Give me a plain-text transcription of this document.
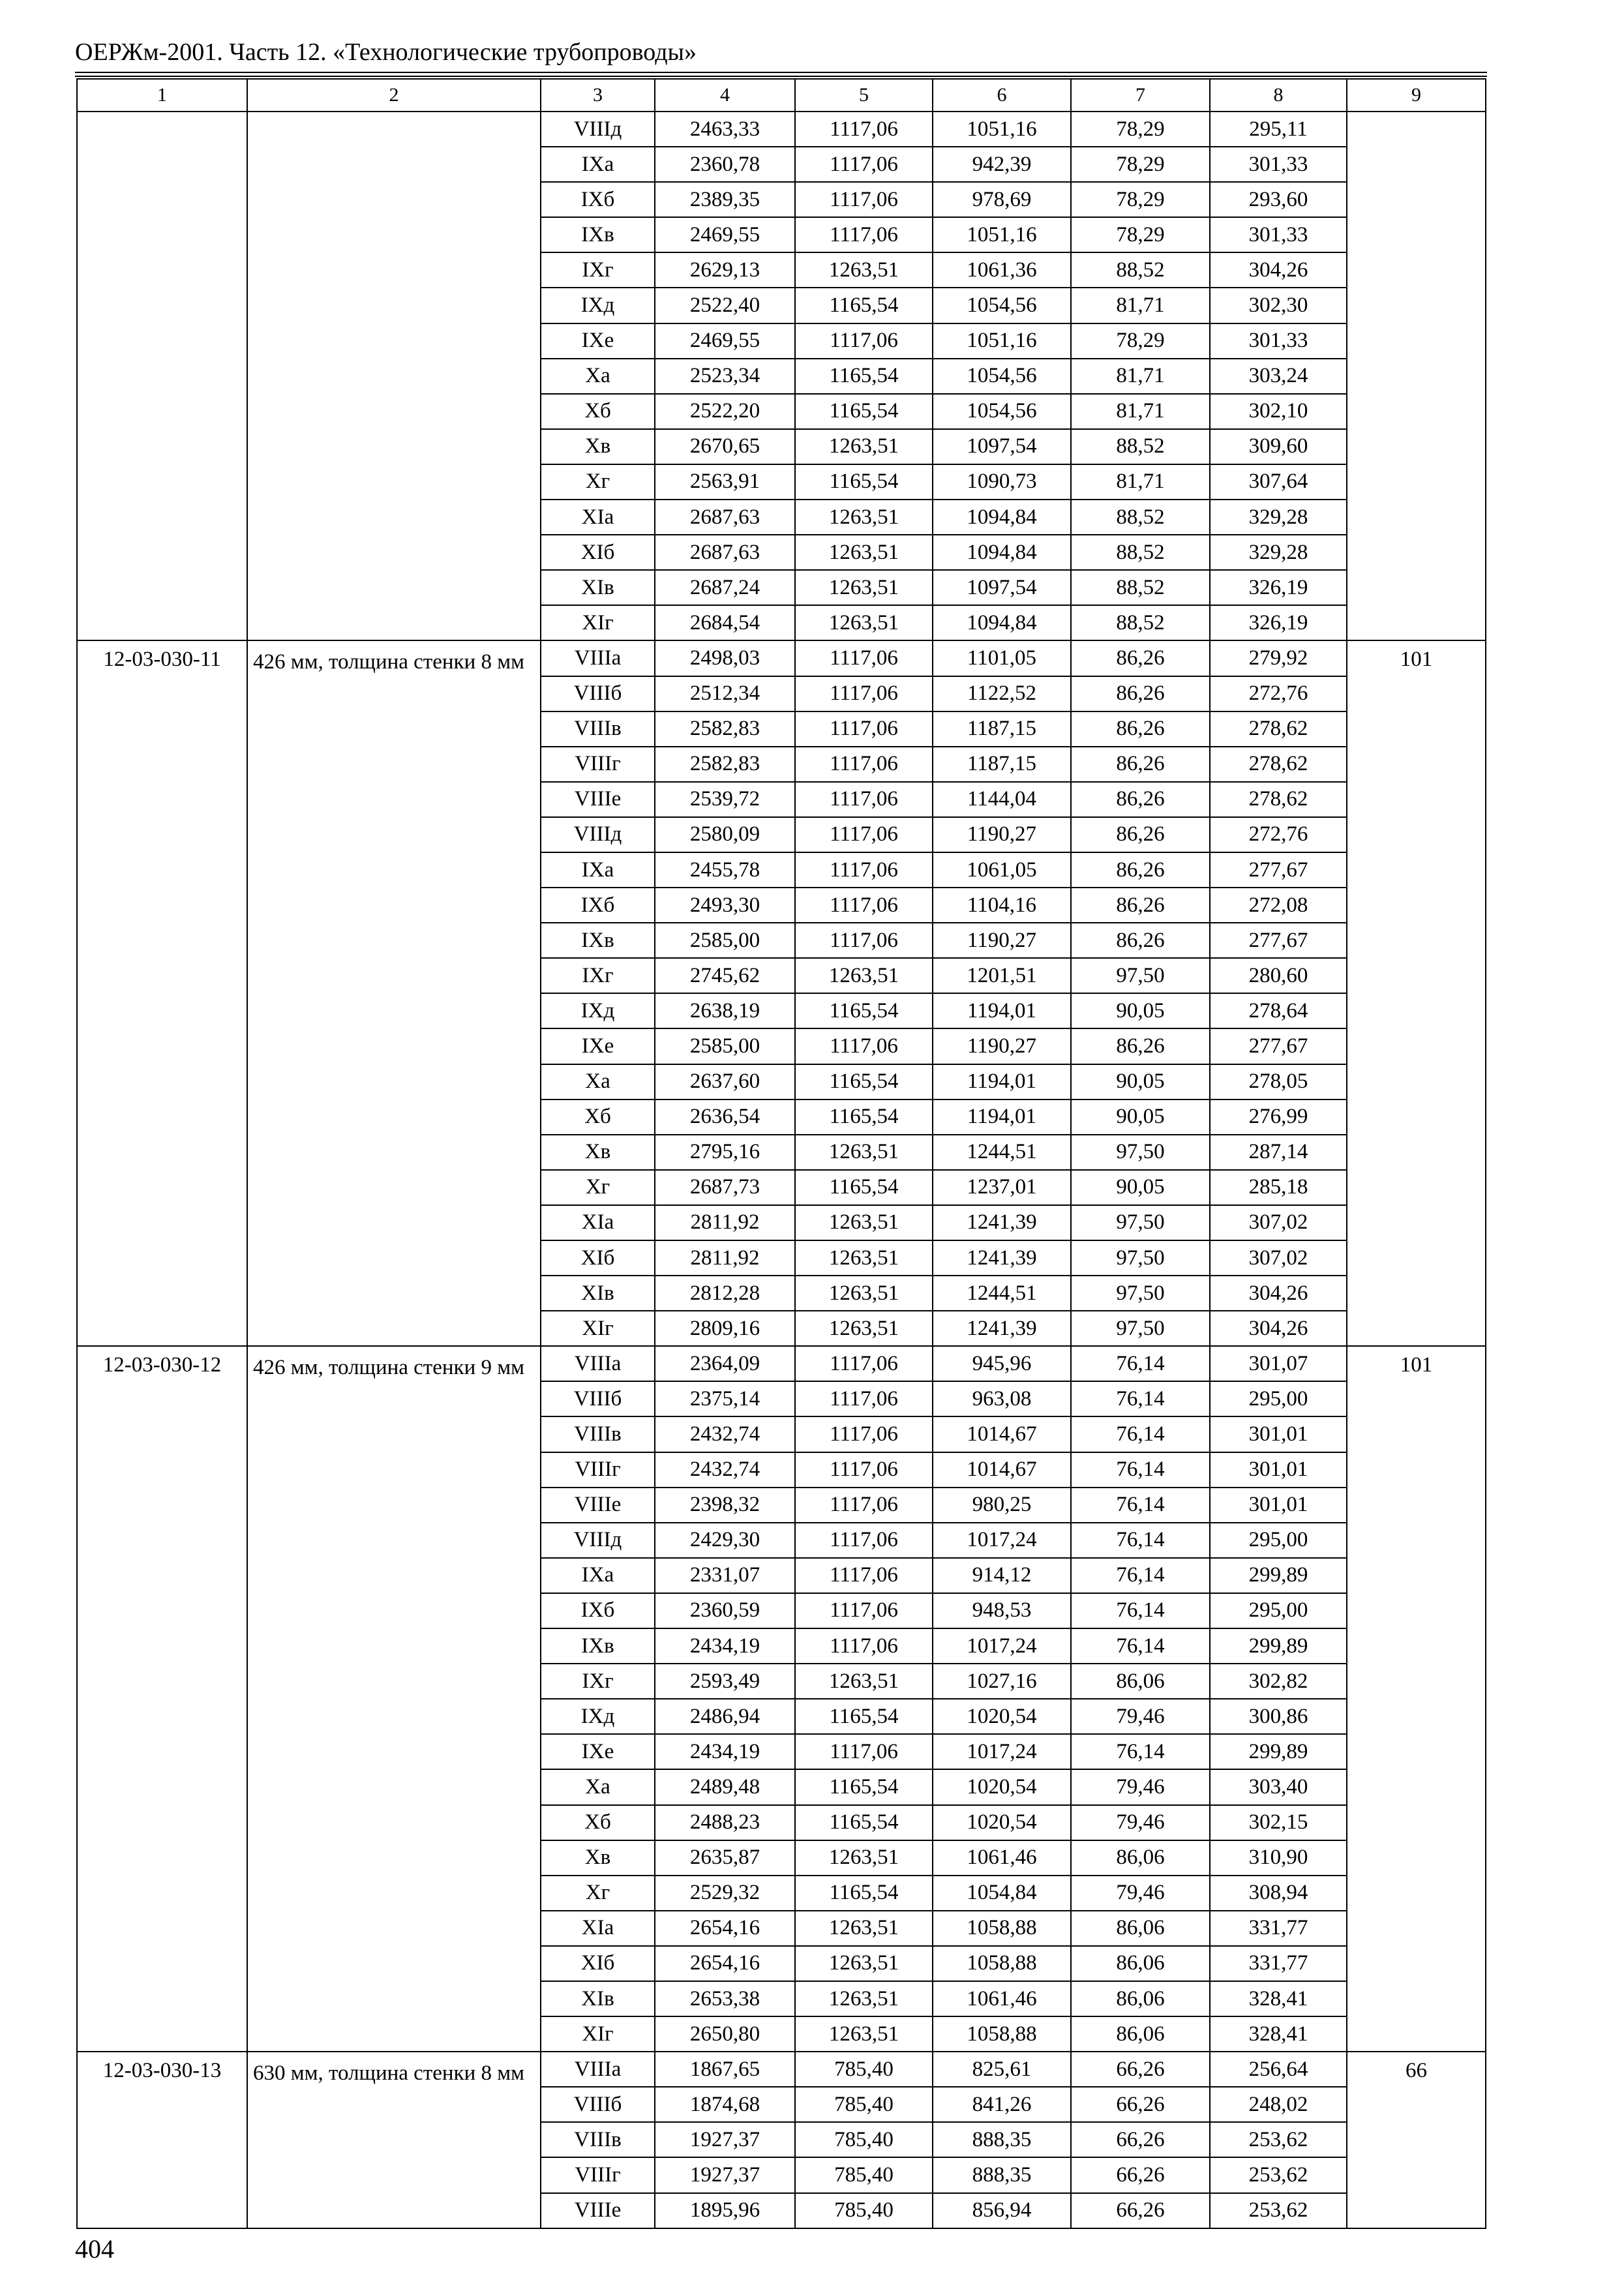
ОЕРЖм-2001. Часть 12. «Технологические трубопроводы»
1	2	3	4	5	6	7	8	9
		VIIIд	2463,33	1117,06	1051,16	78,29	295,11	
		IXа	2360,78	1117,06	942,39	78,29	301,33	
		IXб	2389,35	1117,06	978,69	78,29	293,60	
		IXв	2469,55	1117,06	1051,16	78,29	301,33	
		IXг	2629,13	1263,51	1061,36	88,52	304,26	
		IXд	2522,40	1165,54	1054,56	81,71	302,30	
		IXе	2469,55	1117,06	1051,16	78,29	301,33	
		Xа	2523,34	1165,54	1054,56	81,71	303,24	
		Xб	2522,20	1165,54	1054,56	81,71	302,10	
		Xв	2670,65	1263,51	1097,54	88,52	309,60	
		Xг	2563,91	1165,54	1090,73	81,71	307,64	
		XIа	2687,63	1263,51	1094,84	88,52	329,28	
		XIб	2687,63	1263,51	1094,84	88,52	329,28	
		XIв	2687,24	1263,51	1097,54	88,52	326,19	
		XIг	2684,54	1263,51	1094,84	88,52	326,19	
12-03-030-11	426 мм, толщина стенки 8 мм	VIIIа	2498,03	1117,06	1101,05	86,26	279,92	101
		VIIIб	2512,34	1117,06	1122,52	86,26	272,76	
		VIIIв	2582,83	1117,06	1187,15	86,26	278,62	
		VIIIг	2582,83	1117,06	1187,15	86,26	278,62	
		VIIIе	2539,72	1117,06	1144,04	86,26	278,62	
		VIIIд	2580,09	1117,06	1190,27	86,26	272,76	
		IXа	2455,78	1117,06	1061,05	86,26	277,67	
		IXб	2493,30	1117,06	1104,16	86,26	272,08	
		IXв	2585,00	1117,06	1190,27	86,26	277,67	
		IXг	2745,62	1263,51	1201,51	97,50	280,60	
		IXд	2638,19	1165,54	1194,01	90,05	278,64	
		IXе	2585,00	1117,06	1190,27	86,26	277,67	
		Xа	2637,60	1165,54	1194,01	90,05	278,05	
		Xб	2636,54	1165,54	1194,01	90,05	276,99	
		Xв	2795,16	1263,51	1244,51	97,50	287,14	
		Xг	2687,73	1165,54	1237,01	90,05	285,18	
		XIа	2811,92	1263,51	1241,39	97,50	307,02	
		XIб	2811,92	1263,51	1241,39	97,50	307,02	
		XIв	2812,28	1263,51	1244,51	97,50	304,26	
		XIг	2809,16	1263,51	1241,39	97,50	304,26	
12-03-030-12	426 мм, толщина стенки 9 мм	VIIIа	2364,09	1117,06	945,96	76,14	301,07	101
		VIIIб	2375,14	1117,06	963,08	76,14	295,00	
		VIIIв	2432,74	1117,06	1014,67	76,14	301,01	
		VIIIг	2432,74	1117,06	1014,67	76,14	301,01	
		VIIIе	2398,32	1117,06	980,25	76,14	301,01	
		VIIIд	2429,30	1117,06	1017,24	76,14	295,00	
		IXа	2331,07	1117,06	914,12	76,14	299,89	
		IXб	2360,59	1117,06	948,53	76,14	295,00	
		IXв	2434,19	1117,06	1017,24	76,14	299,89	
		IXг	2593,49	1263,51	1027,16	86,06	302,82	
		IXд	2486,94	1165,54	1020,54	79,46	300,86	
		IXе	2434,19	1117,06	1017,24	76,14	299,89	
		Xа	2489,48	1165,54	1020,54	79,46	303,40	
		Xб	2488,23	1165,54	1020,54	79,46	302,15	
		Xв	2635,87	1263,51	1061,46	86,06	310,90	
		Xг	2529,32	1165,54	1054,84	79,46	308,94	
		XIа	2654,16	1263,51	1058,88	86,06	331,77	
		XIб	2654,16	1263,51	1058,88	86,06	331,77	
		XIв	2653,38	1263,51	1061,46	86,06	328,41	
		XIг	2650,80	1263,51	1058,88	86,06	328,41	
12-03-030-13	630 мм, толщина стенки 8 мм	VIIIа	1867,65	785,40	825,61	66,26	256,64	66
		VIIIб	1874,68	785,40	841,26	66,26	248,02	
		VIIIв	1927,37	785,40	888,35	66,26	253,62	
		VIIIг	1927,37	785,40	888,35	66,26	253,62	
		VIIIе	1895,96	785,40	856,94	66,26	253,62	
404
